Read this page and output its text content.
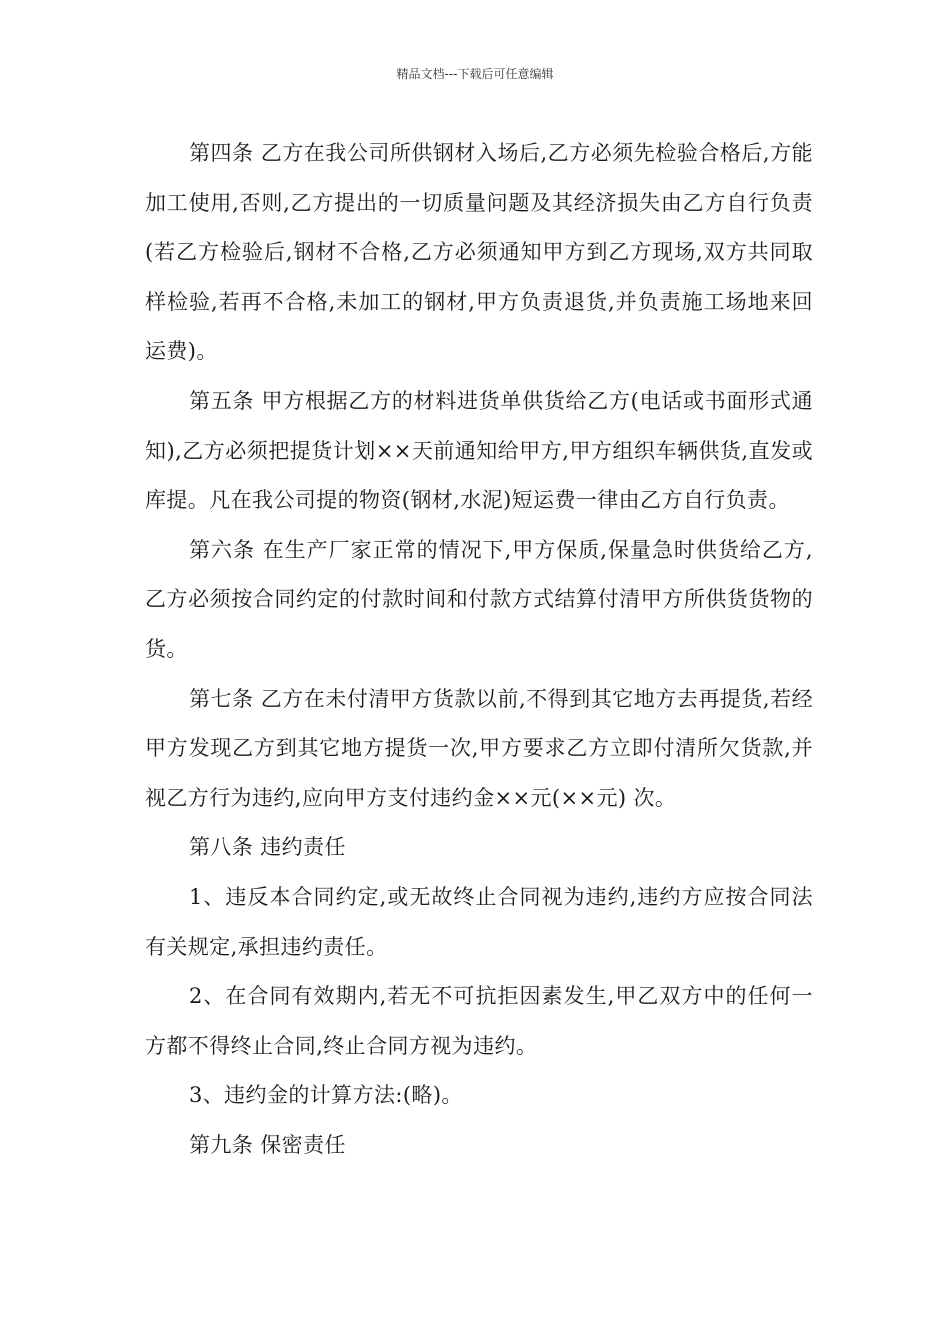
精品文档---下载后可任意编辑

第四条 乙方在我公司所供钢材入场后,乙方必须先检验合格后,方能加工使用,否则,乙方提出的一切质量问题及其经济损失由乙方自行负责(若乙方检验后,钢材不合格,乙方必须通知甲方到乙方现场,双方共同取样检验,若再不合格,未加工的钢材,甲方负责退货,并负责施工场地来回运费)。

第五条 甲方根据乙方的材料进货单供货给乙方(电话或书面形式通知),乙方必须把提货计划××天前通知给甲方,甲方组织车辆供货,直发或库提。凡在我公司提的物资(钢材,水泥)短运费一律由乙方自行负责。

第六条 在生产厂家正常的情况下,甲方保质,保量急时供货给乙方,乙方必须按合同约定的付款时间和付款方式结算付清甲方所供货货物的货。

第七条 乙方在未付清甲方货款以前,不得到其它地方去再提货,若经甲方发现乙方到其它地方提货一次,甲方要求乙方立即付清所欠货款,并视乙方行为违约,应向甲方支付违约金××元(××元) 次。

第八条 违约责任

1、违反本合同约定,或无故终止合同视为违约,违约方应按合同法有关规定,承担违约责任。

2、在合同有效期内,若无不可抗拒因素发生,甲乙双方中的任何一方都不得终止合同,终止合同方视为违约。

3、违约金的计算方法:(略)。

第九条 保密责任
